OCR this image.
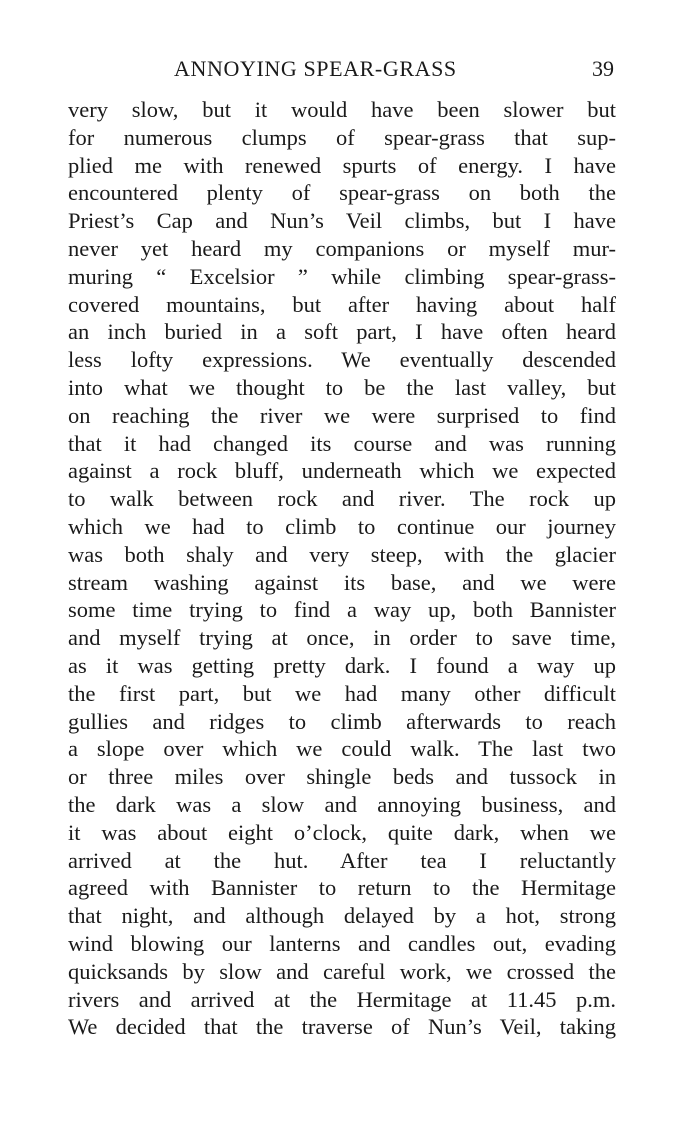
ANNOYING SPEAR-GRASS	39
very slow, but it would have been slower but
for numerous clumps of spear-grass that sup-
plied me with renewed spurts of energy. I have
encountered plenty of spear-grass on both the
Priest’s Cap and Nun’s Veil climbs, but I have
never yet heard my companions or myself mur-
muring “ Excelsior ” while climbing spear-grass-
covered mountains, but after having about half
an inch buried in a soft part, I have often heard
less lofty expressions. We eventually descended
into what we thought to be the last valley, but
on reaching the river we were surprised to find
that it had changed its course and was running
against a rock bluff, underneath which we expected
to walk between rock and river. The rock up
which we had to climb to continue our journey
was both shaly and very steep, with the glacier
stream washing against its base, and we were
some time trying to find a way up, both Bannister
and myself trying at once, in order to save time,
as it was getting pretty dark. I found a way up
the first part, but we had many other difficult
gullies and ridges to climb afterwards to reach
a slope over which we could walk. The last two
or three miles over shingle beds and tussock in
the dark was a slow and annoying business, and
it was about eight o’clock, quite dark, when we
arrived at the hut. After tea I reluctantly
agreed with Bannister to return to the Hermitage
that night, and although delayed by a hot, strong
wind blowing our lanterns and candles out, evading
quicksands by slow and careful work, we crossed the
rivers and arrived at the Hermitage at 11.45 p.m.
We decided that the traverse of Nun’s Veil, taking
